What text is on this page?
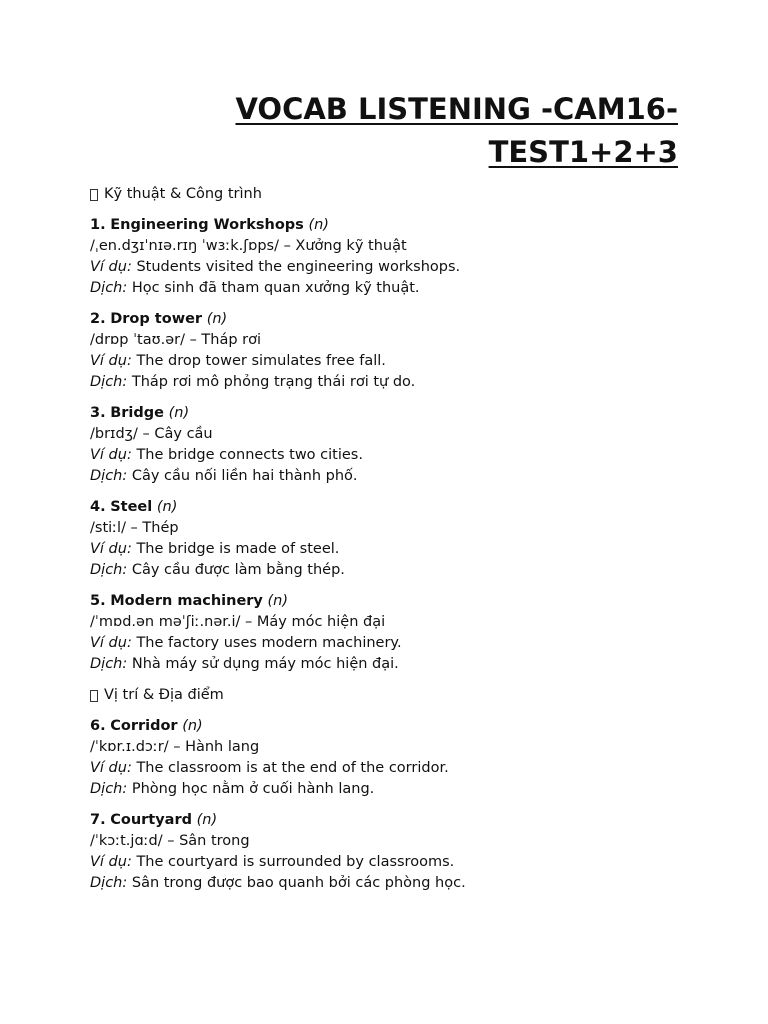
VOCAB LISTENING -CAM16-
TEST1+2+3
Kỹ thuật & Công trình

1. Engineering Workshops (n)

/ˌen.dʒɪˈnɪə.rɪŋ ˈwɜːk.ʃɒps/ – Xưởng kỹ thuật

Ví dụ: Students visited the engineering workshops.

Dịch: Học sinh đã tham quan xưởng kỹ thuật.

2. Drop tower (n)

/drɒp ˈtaʊ.ər/ – Tháp rơi

Ví dụ: The drop tower simulates free fall.

Dịch: Tháp rơi mô phỏng trạng thái rơi tự do.

3. Bridge (n)

/brɪdʒ/ – Cây cầu

Ví dụ: The bridge connects two cities.

Dịch: Cây cầu nối liền hai thành phố.

4. Steel (n)

/stiːl/ – Thép

Ví dụ: The bridge is made of steel.

Dịch: Cây cầu được làm bằng thép.

5. Modern machinery (n)

/ˈmɒd.ən məˈʃiː.nər.i/ – Máy móc hiện đại

Ví dụ: The factory uses modern machinery.

Dịch: Nhà máy sử dụng máy móc hiện đại.

Vị trí & Địa điểm

6. Corridor (n)

/ˈkɒr.ɪ.dɔːr/ – Hành lang

Ví dụ: The classroom is at the end of the corridor.

Dịch: Phòng học nằm ở cuối hành lang.

7. Courtyard (n)

/ˈkɔːt.jɑːd/ – Sân trong

Ví dụ: The courtyard is surrounded by classrooms.

Dịch: Sân trong được bao quanh bởi các phòng học.
